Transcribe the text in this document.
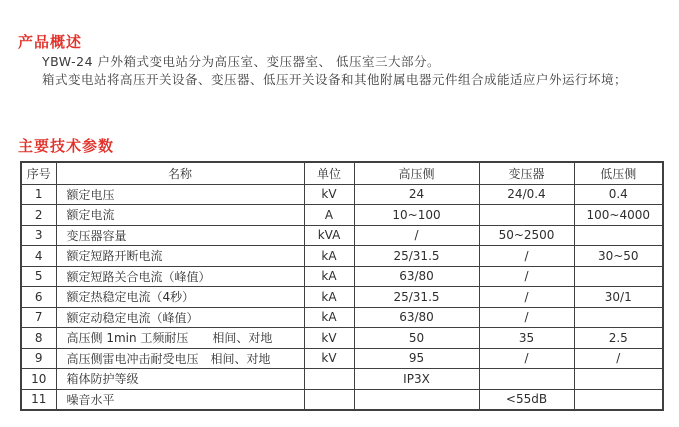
产品概述
YBW-24 户外箱式变电站分为高压室、变压器室、 低压室三大部分。
箱式变电站将高压开关设备、变压器、低压开关设备和其他附属电器元件组合成能适应户外运行坏境；
主要技术参数
序号	名称	单位	高压侧	变压器	低压侧
1	额定电压	kV	24	24/0.4	0.4
2	额定电流	A	10~100		100~4000
3	变压器容量	kVA	/	50~2500	
4	额定短路开断电流	kA	25/31.5	/	30~50
5	额定短路关合电流（峰值）	kA	63/80	/	
6	额定热稳定电流（4秒）	kA	25/31.5	/	30/1
7	额定动稳定电流（峰值）	kA	63/80	/	
8	高压侧 1min 工频耐压　　相间、对地	kV	50	35	2.5
9	高压侧雷电冲击耐受电压　相间、对地	kV	95	/	/
10	箱体防护等级		IP3X		
11	噪音水平			<55dB	
